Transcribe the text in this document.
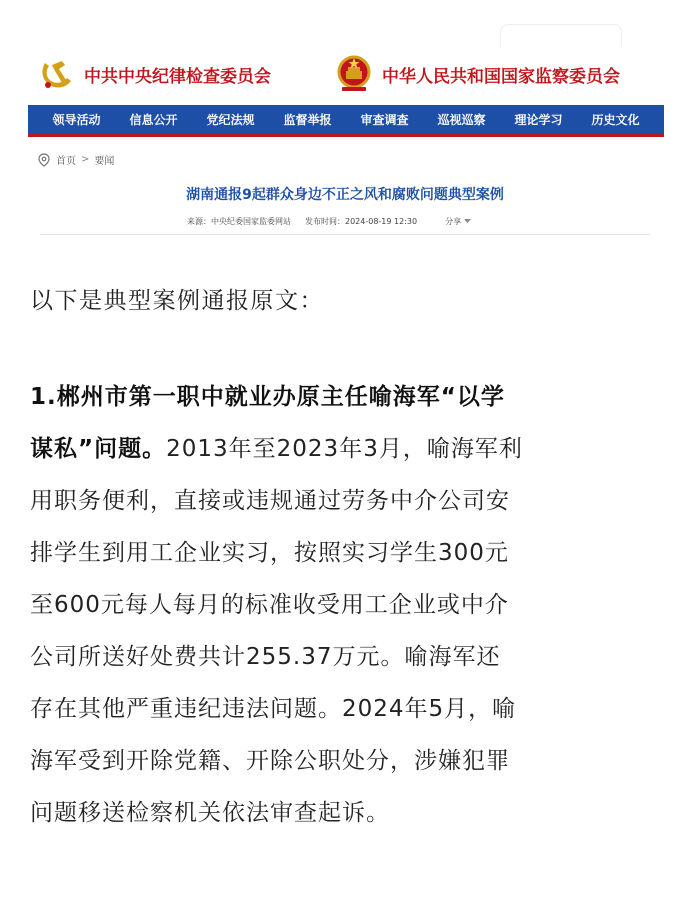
中共中央纪律检查委员会	中华人民共和国国家监察委员会
领导活动 信息公开 党纪法规 监督举报 审查调查 巡视巡察 理论学习 历史文化
首页 > 要闻
湖南通报9起群众身边不正之风和腐败问题典型案例
来源：中央纪委国家监委网站 发布时间：2024-08-19 12:30	分享
以下是典型案例通报原文：
1.郴州市第一职中就业办原主任喻海军“以学
谋私”问题。2013年至2023年3月，喻海军利
用职务便利，直接或违规通过劳务中介公司安
排学生到用工企业实习，按照实习学生300元
至600元每人每月的标准收受用工企业或中介
公司所送好处费共计255.37万元。喻海军还
存在其他严重违纪违法问题。2024年5月，喻
海军受到开除党籍、开除公职处分，涉嫌犯罪
问题移送检察机关依法审查起诉。
